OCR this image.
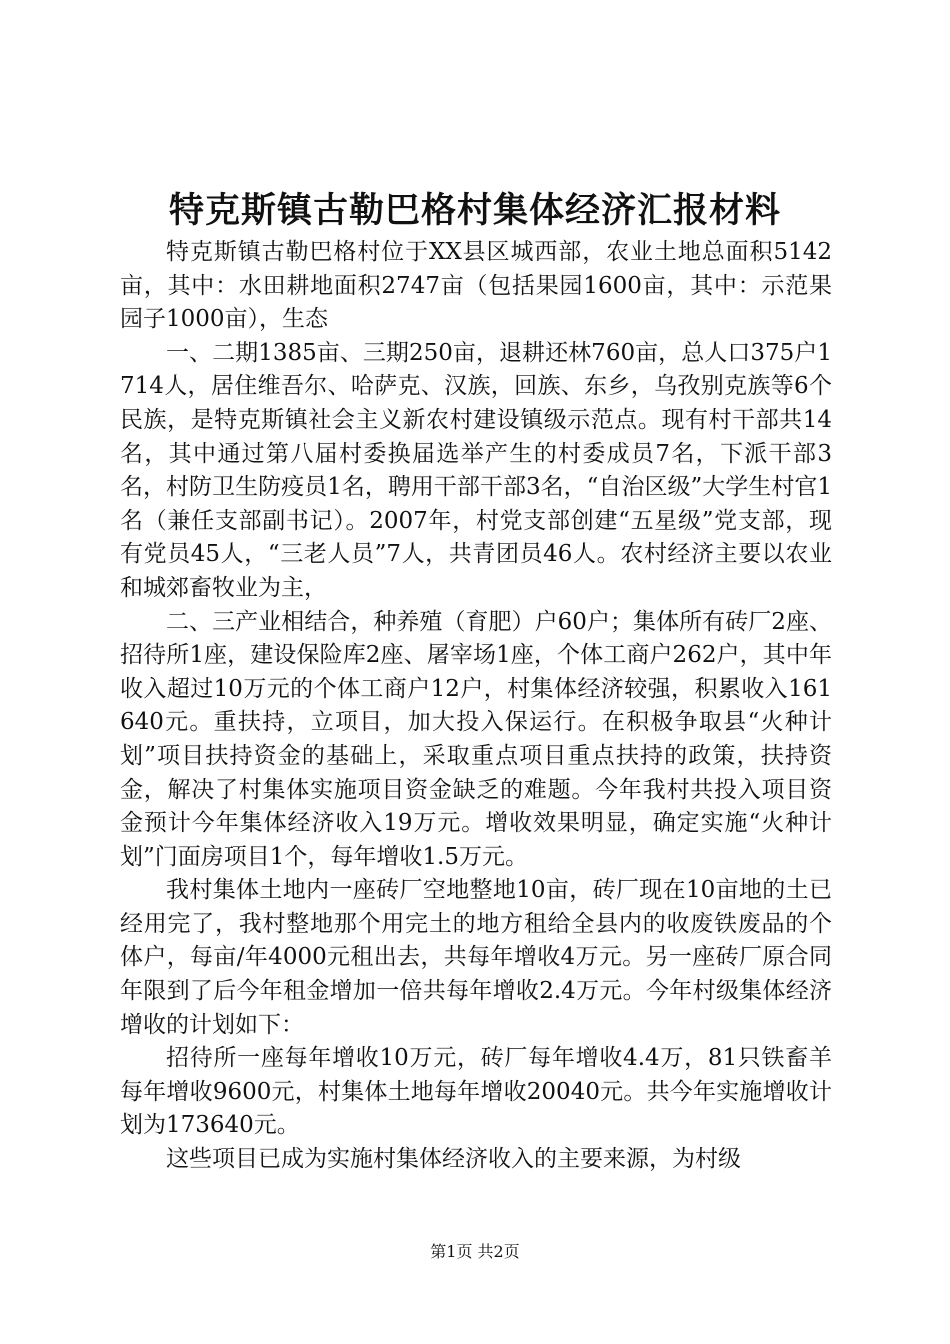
特克斯镇古勒巴格村集体经济汇报材料

特克斯镇古勒巴格村位于XX县区城西部，农业土地总面积5142亩，其中：水田耕地面积2747亩（包括果园1600亩，其中：示范果园子1000亩），生态

一、二期1385亩、三期250亩，退耕还林760亩，总人口375户1714人，居住维吾尔、哈萨克、汉族，回族、东乡，乌孜别克族等6个民族，是特克斯镇社会主义新农村建设镇级示范点。现有村干部共14名，其中通过第八届村委换届选举产生的村委成员7名，下派干部3名，村防卫生防疫员1名，聘用干部干部3名，“自治区级”大学生村官1名（兼任支部副书记）。2007年，村党支部创建“五星级”党支部，现有党员45人，“三老人员”7人，共青团员46人。农村经济主要以农业和城郊畜牧业为主，

二、三产业相结合，种养殖（育肥）户60户；集体所有砖厂2座、招待所1座，建设保险库2座、屠宰场1座，个体工商户262户，其中年收入超过10万元的个体工商户12户，村集体经济较强，积累收入161640元。重扶持，立项目，加大投入保运行。在积极争取县“火种计划”项目扶持资金的基础上，采取重点项目重点扶持的政策，扶持资金，解决了村集体实施项目资金缺乏的难题。今年我村共投入项目资金预计今年集体经济收入19万元。增收效果明显，确定实施“火种计划”门面房项目1个，每年增收1.5万元。

我村集体土地内一座砖厂空地整地10亩，砖厂现在10亩地的土已经用完了，我村整地那个用完土的地方租给全县内的收废铁废品的个体户，每亩/年4000元租出去，共每年增收4万元。另一座砖厂原合同年限到了后今年租金增加一倍共每年增收2.4万元。今年村级集体经济增收的计划如下：

招待所一座每年增收10万元，砖厂每年增收4.4万，81只铁畜羊每年增收9600元，村集体土地每年增收20040元。共今年实施增收计划为173640元。

这些项目已成为实施村集体经济收入的主要来源，为村级

第1页 共2页
